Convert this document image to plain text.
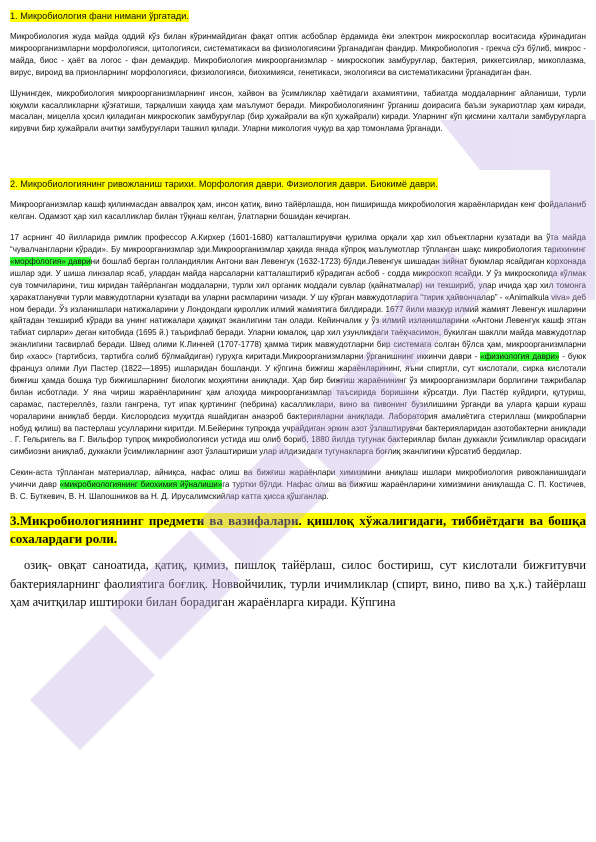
1. Микробиология фани нимани ўргатади.

Микробиология жуда майда оддий кўз билан кўринмайдиган фақат оптик асбоблар ёрдамида ёки электрон микроскоплар воситасида кўринадиган микроорганизмларни морфологияси, цитологияси, систематикаси ва физиологиясини ўрганадиган фандир. Микробиология - грекча сўз бўлиб, микрос - майда, биос - ҳаёт ва логос - фан демакдир. Микробиология микроорганизмлар - микроскопик замбуруғлар, бактерия, риккетсиялар, микоплазма, вирус, вироид ва прионларнинг морфологияси, физиологияси, биохимияси, генетикаси, экологияси ва систематикасини ўрганадиган фан.

Шунингдек, микробиология микроорганизмларнинг инсон, хайвон ва ўсимликлар хаётидаги ахамиятини, табиатда моддаларнинг айланиши, турли юқумли касалликларни қўзғатиши, тарқалиши хақида ҳам маълумот беради. Микробиологиянинг ўрганиш доирасига баъзи эукариотлар ҳам киради, масалан, мицелла ҳосил қиладиган микроскопик замбуруғлар (бир ҳужайрали ва кўп ҳужайрали) киради. Уларнинг кўп қисмини халтали замбуруғларга кирувчи бир ҳужайрали ачитқи замбуруғлари ташкил қилади. Уларни микология чуқур ва ҳар томонлама ўрганади.

2. Микробиологиянинг ривожланиш тарихи. Морфология даври. Физиология даври. Биокимё даври.

Микроорганизмлар кашф қилинмасдан аввалроқ ҳам, инсон қатиқ, вино тайёрлашда, нон пиширишда микробиология жараёнларидан кенг фойдаланиб келган. Одамзот ҳар хил касалликлар билан тўқнаш келган, ўлатларни бошидан кечирган.

17 асрнинг 40 йилларида римлик профессор А.Кирхер (1601-1680) катталаштирувчи қурилма орқали ҳар хил объектларни кузатади ва ўта майда “чувалчангларни кўради». Бу микроорганизмлар эди.Микроорганизмлар ҳақида янада кўпроқ маълумотлар тўпланган шақс микробиология тарихининг «морфология» даврини бошлаб берган голландиялик Антони ван Левенгук (1632-1723) бўлди.Левенгук шишадан зийнат буюмлар ясайдиган корхонада ишлар эди. У шиша линзалар ясаб, улардан майда нарсаларни катталаштириб кўрадиган асбоб - содда микроскоп ясайди. У ўз микроскопида кўлмак сув томчиларини, тиш киридан тайёрланган моддаларни, турли хил органик моддали сувлар (қайнатмалар) ни текшириб, улар ичида ҳар хил томонга ҳаракатланувчи турли мавжудотларни кузатади ва уларни расмларини чизади. У шу кўрган мавжудотларига “тирик ҳайвончалар” - «Animalkula viva» деб ном беради. Ўз изланишлари натижаларини у Лондондаги қироллик илмий жамиятига билдиради. 1677 йили мазкур илмий жамият Левенгук ишларини қайтадан текшириб кўради ва унинг натижалари ҳақиқат эканлигини тан олади. Кейинчалик у ўз илмий изланишларини «Антони Левенгук кашф этган табиат сирлари» деган китобида (1695 й.) таърифлаб беради. Уларни юмалоқ, цар хил узунликдаги таёқчасимон, букилган шаклли майда мавжудотлар эканлигини тасвирлаб беради. Швед олими К.Линней (1707-1778) ҳамма тирик мавжудотларни бир системага солган бўлса ҳам, микроорганизмларни бир «хаос» (тартибсиз, тартибга солиб бўлмайдиган) гуруҳга киритади.Микроорганизмларни ўрганишнинг иккинчи даври - «физиология даври» - буюк француз олими Луи Пастер (1822—1895) ишларидан бошланди. У кўпгина бижғиш жараёнларининг, яъни спиртли, сут кислотали, сирка кислотали бижғиш ҳамда бошқа тур бижғишларнинг биологик моҳиятини аниқлади. Ҳар бир бижғиш жараёнининг ўз микроорганизмлари борлигини тажрибалар билан исботлади. У яна чириш жараёнларининг ҳам алоҳида микроорганизмлар таъсирида боришини кўрсатди. Луи Пастёр куйдирги, қутуриш, сарамас, пастереллёз, газли гангрена, тут ипак қуртининг (пебрина) касалликлари, вино ва пивонинг бузилишини ўрганди ва уларга қарши кураш чораларини аниқлаб берди. Кислородсиз муҳитда яшайдиган анаэроб бактерияларни аниқлади. Лаборатория амалиётига стериллаш (микробларни нобуд қилиш) ва пастерлаш усулларини киритди. М.Бейеринк тупроқда учрайдиган эркин азот ўзлаштирувчи бактерияларидан азотобактерни аниқлади . Г. Гельригель ва Г. Вильфор тупроқ микробиологияси устида иш олиб бориб, 1880 йилда тугунак бактериялар билан дуккакли ўсимликлар орасидаги симбиозни аниқлаб, дуккакли ўсимликларнинг азот ўзлаштириши улар илдизидаги тугунакларга боғлиқ эканлигини кўрсатиб бердилар.

Секин-аста тўпланган материаллар, айниқса, нафас олиш ва бижғиш жараёнлари химизмини аниқлаш ишлари микробиология ривожланишидаги учинчи давр «микробиологиянинг биохимия йўналиши»га туртки бўлди. Нафас олиш ва бижғиш жараёнларини химизмини аниқлашда С. П. Костичев, В. С. Буткевич, В. Н. Шапошников ва Н. Д. Ирусалимскийлар катта ҳисса қўшганлар.

3.Микробиологиянинг предмети ва вазифалари. қишлоқ хўжалигидаги, тиббиётдаги ва бошқа сохалардаги роли.

озиқ- овқат саноатида, қатиқ, қимиз, пишлоқ тайёрлаш, силос бостириш, сут кислотали бижғитувчи бактерияларнинг фаолиятига боғлиқ. Новвойчилик, турли ичимликлар (спирт, вино, пиво ва ҳ.к.) тайёрлаш ҳам ачитқилар иштироки билан борадиган жараёнларга киради. Кўпгина
